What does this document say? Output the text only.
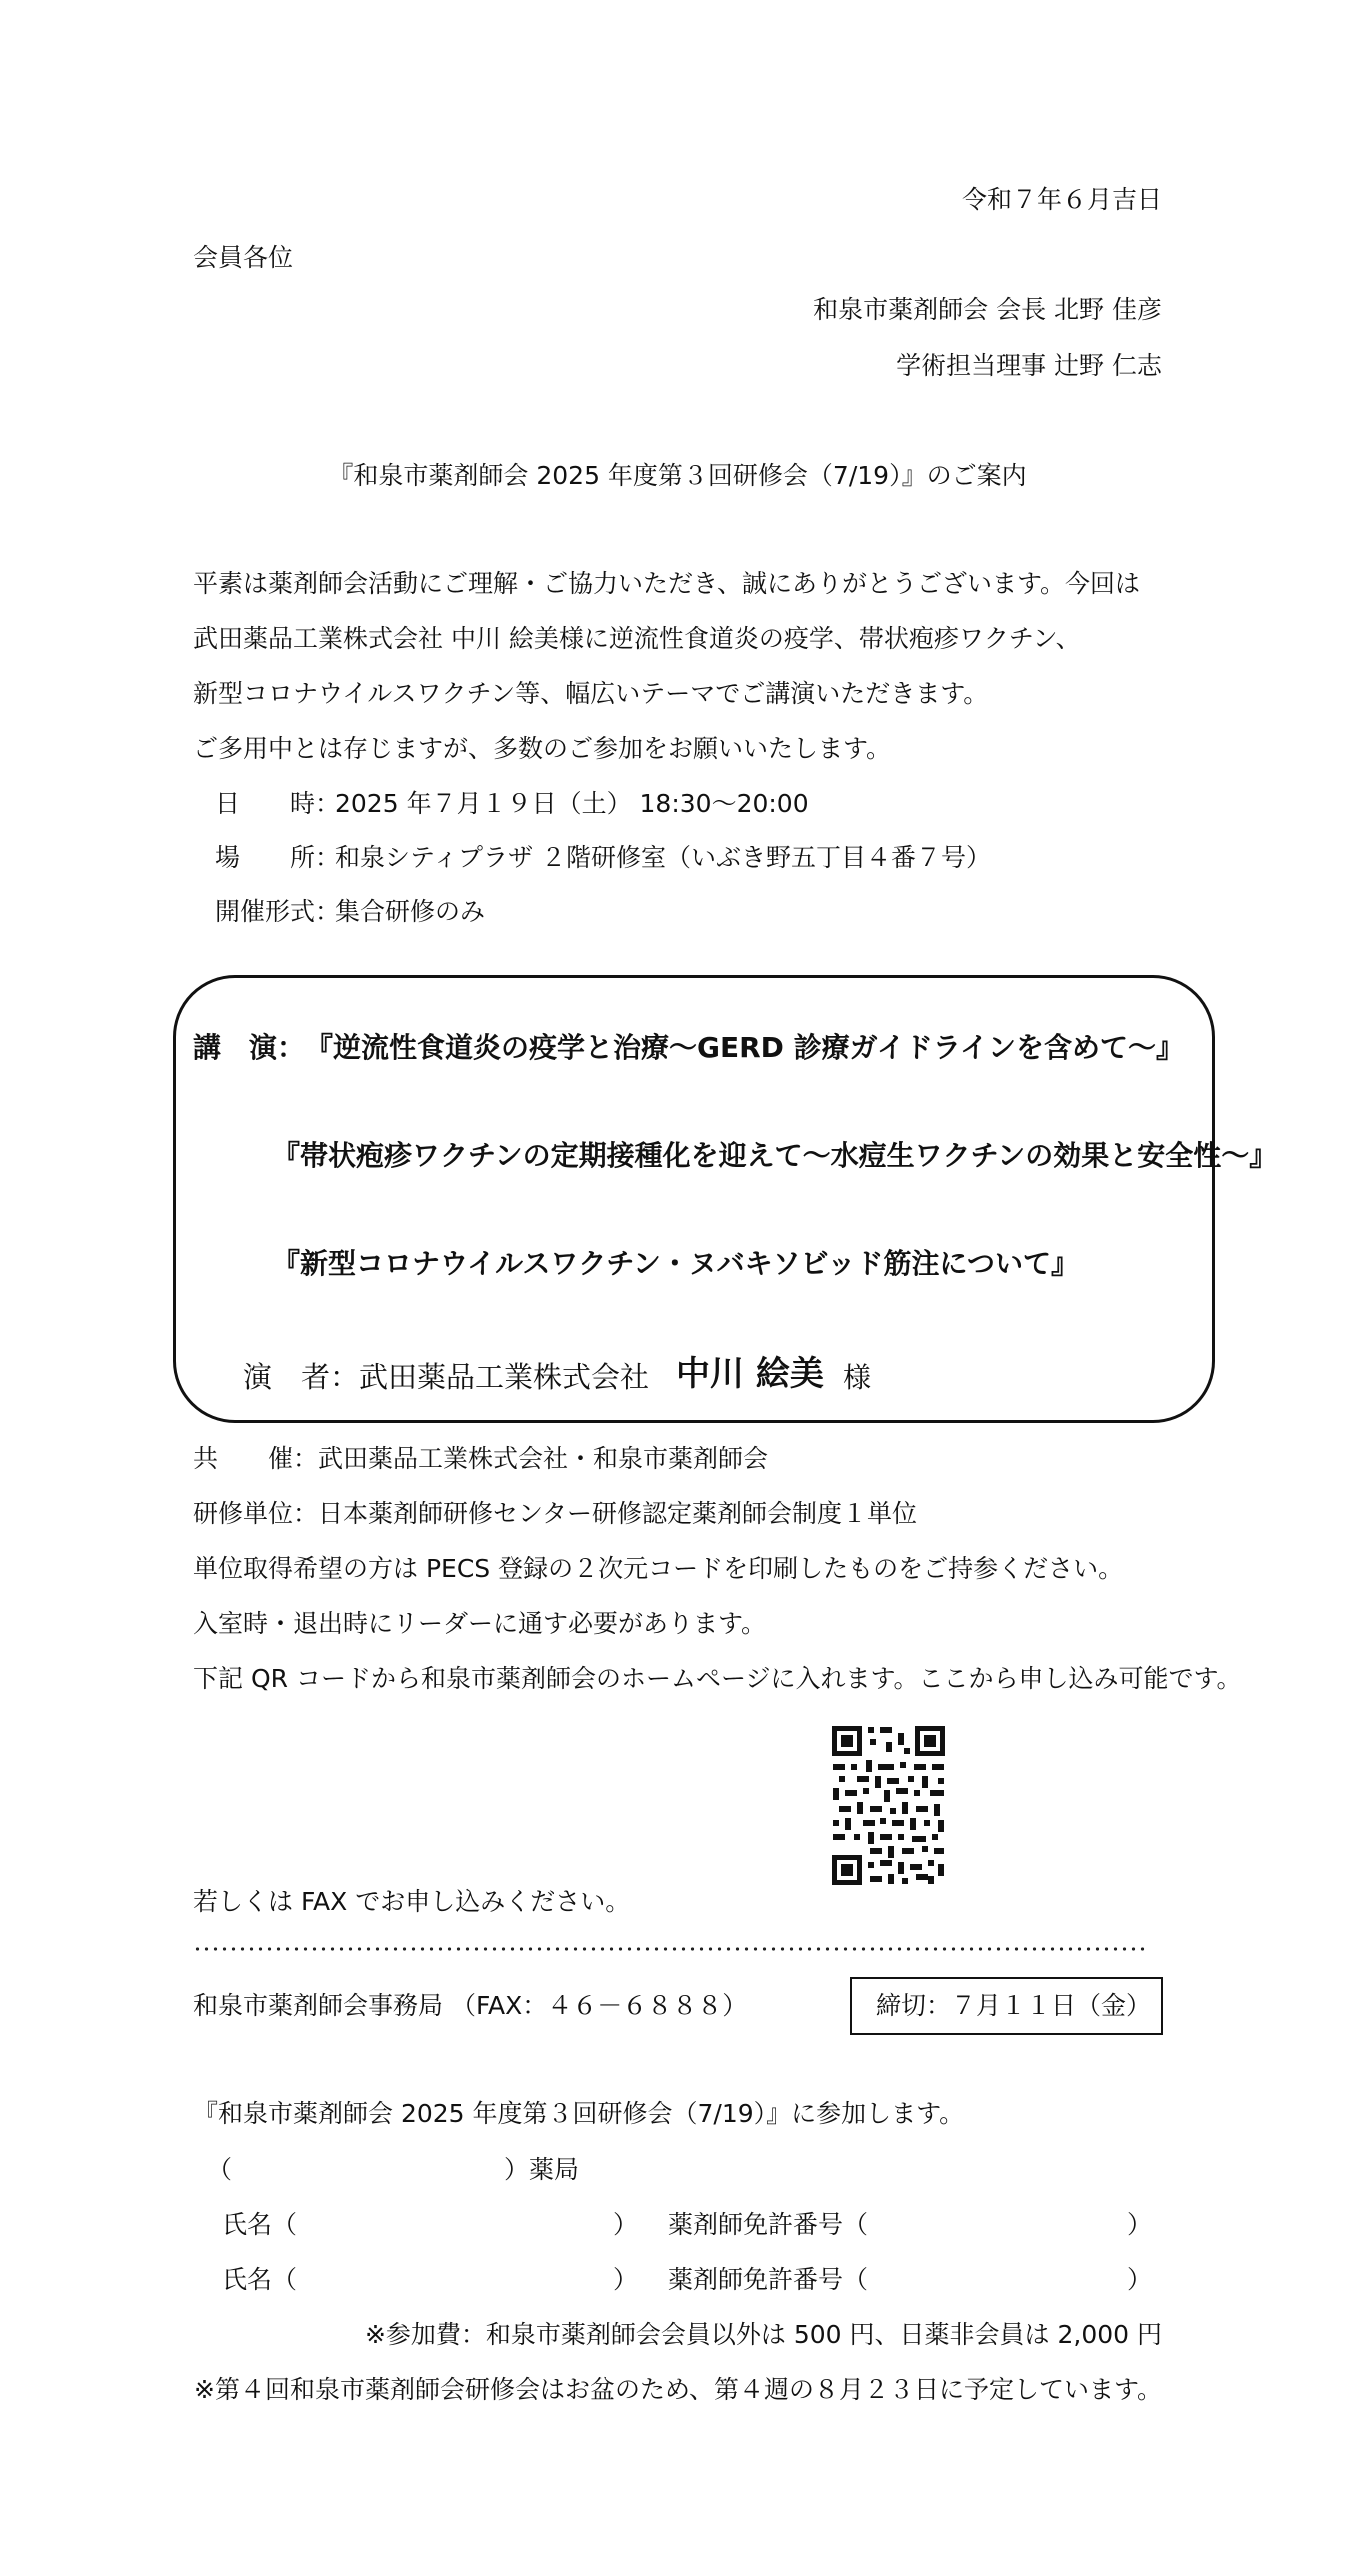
令和７年６月吉日
会員各位
和泉市薬剤師会 会長 北野 佳彦
学術担当理事 辻野 仁志
『和泉市薬剤師会 2025 年度第３回研修会（7/19）』のご案内
平素は薬剤師会活動にご理解・ご協力いただき、誠にありがとうございます。今回は
武田薬品工業株式会社 中川 絵美様に逆流性食道炎の疫学、帯状疱疹ワクチン、
新型コロナウイルスワクチン等、幅広いテーマでご講演いただきます。
ご多用中とは存じますが、多数のご参加をお願いいたします。
日　　時：
2025 年７月１９日（土） 18:30～20:00
場　　所：
和泉シティプラザ ２階研修室（いぶき野五丁目４番７号）
開催形式：
集合研修のみ
講　演： 『逆流性食道炎の疫学と治療～GERD 診療ガイドラインを含めて～』
『帯状疱疹ワクチンの定期接種化を迎えて～水痘生ワクチンの効果と安全性～』
『新型コロナウイルスワクチン・ヌバキソビッド筋注について』
演　者：武田薬品工業株式会社 中川 絵美 様
共　　催：武田薬品工業株式会社・和泉市薬剤師会
研修単位：日本薬剤師研修センター研修認定薬剤師会制度１単位
単位取得希望の方は PECS 登録の２次元コードを印刷したものをご持参ください。
入室時・退出時にリーダーに通す必要があります。
下記 QR コードから和泉市薬剤師会のホームページに入れます。ここから申し込み可能です。
若しくは FAX でお申し込みください。
和泉市薬剤師会事務局 （FAX：４６－６８８８）	締切：７月１１日（金）
『和泉市薬剤師会 2025 年度第３回研修会（7/19）』に参加します。
（	）薬局
氏名（	） 薬剤師免許番号（	）
氏名（	） 薬剤師免許番号（	）
※参加費：和泉市薬剤師会会員以外は 500 円、日薬非会員は 2,000 円
※第４回和泉市薬剤師会研修会はお盆のため、第４週の８月２３日に予定しています。
